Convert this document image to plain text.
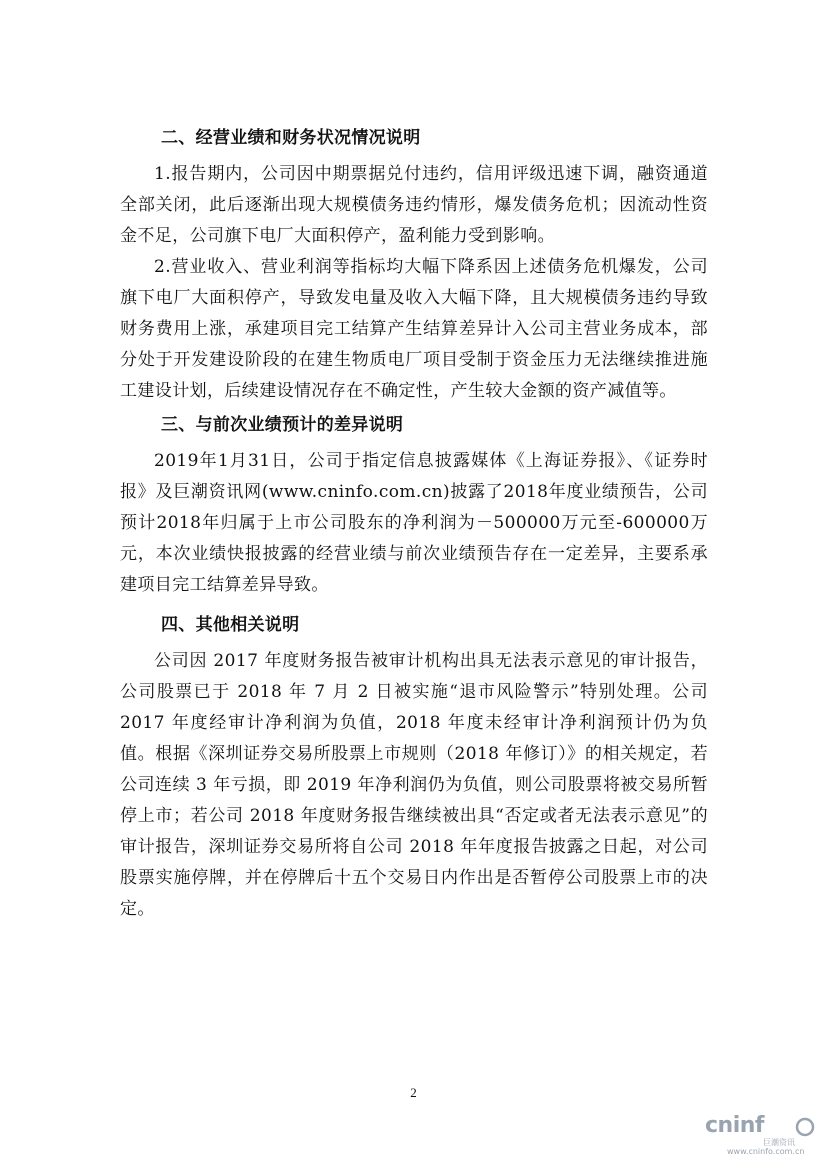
二、经营业绩和财务状况情况说明

1.报告期内，公司因中期票据兑付违约，信用评级迅速下调，融资通道全部关闭，此后逐渐出现大规模债务违约情形，爆发债务危机；因流动性资金不足，公司旗下电厂大面积停产，盈利能力受到影响。

2.营业收入、营业利润等指标均大幅下降系因上述债务危机爆发，公司旗下电厂大面积停产，导致发电量及收入大幅下降，且大规模债务违约导致财务费用上涨，承建项目完工结算产生结算差异计入公司主营业务成本，部分处于开发建设阶段的在建生物质电厂项目受制于资金压力无法继续推进施工建设计划，后续建设情况存在不确定性，产生较大金额的资产减值等。

三、与前次业绩预计的差异说明

2019年1月31日，公司于指定信息披露媒体《上海证券报》、《证券时报》及巨潮资讯网(www.cninfo.com.cn)披露了2018年度业绩预告，公司预计2018年归属于上市公司股东的净利润为－500000万元至-600000万元，本次业绩快报披露的经营业绩与前次业绩预告存在一定差异，主要系承建项目完工结算差异导致。

四、其他相关说明

公司因 2017 年度财务报告被审计机构出具无法表示意见的审计报告，公司股票已于 2018 年 7 月 2 日被实施“退市风险警示”特别处理。公司 2017 年度经审计净利润为负值，2018 年度未经审计净利润预计仍为负值。根据《深圳证券交易所股票上市规则（2018 年修订）》的相关规定，若公司连续 3 年亏损，即 2019 年净利润仍为负值，则公司股票将被交易所暂停上市；若公司 2018 年度财务报告继续被出具“否定或者无法表示意见”的审计报告，深圳证券交易所将自公司 2018 年年度报告披露之日起，对公司股票实施停牌，并在停牌后十五个交易日内作出是否暂停公司股票上市的决定。

2
cninf
巨潮资讯
www.cninfo.com.cn
